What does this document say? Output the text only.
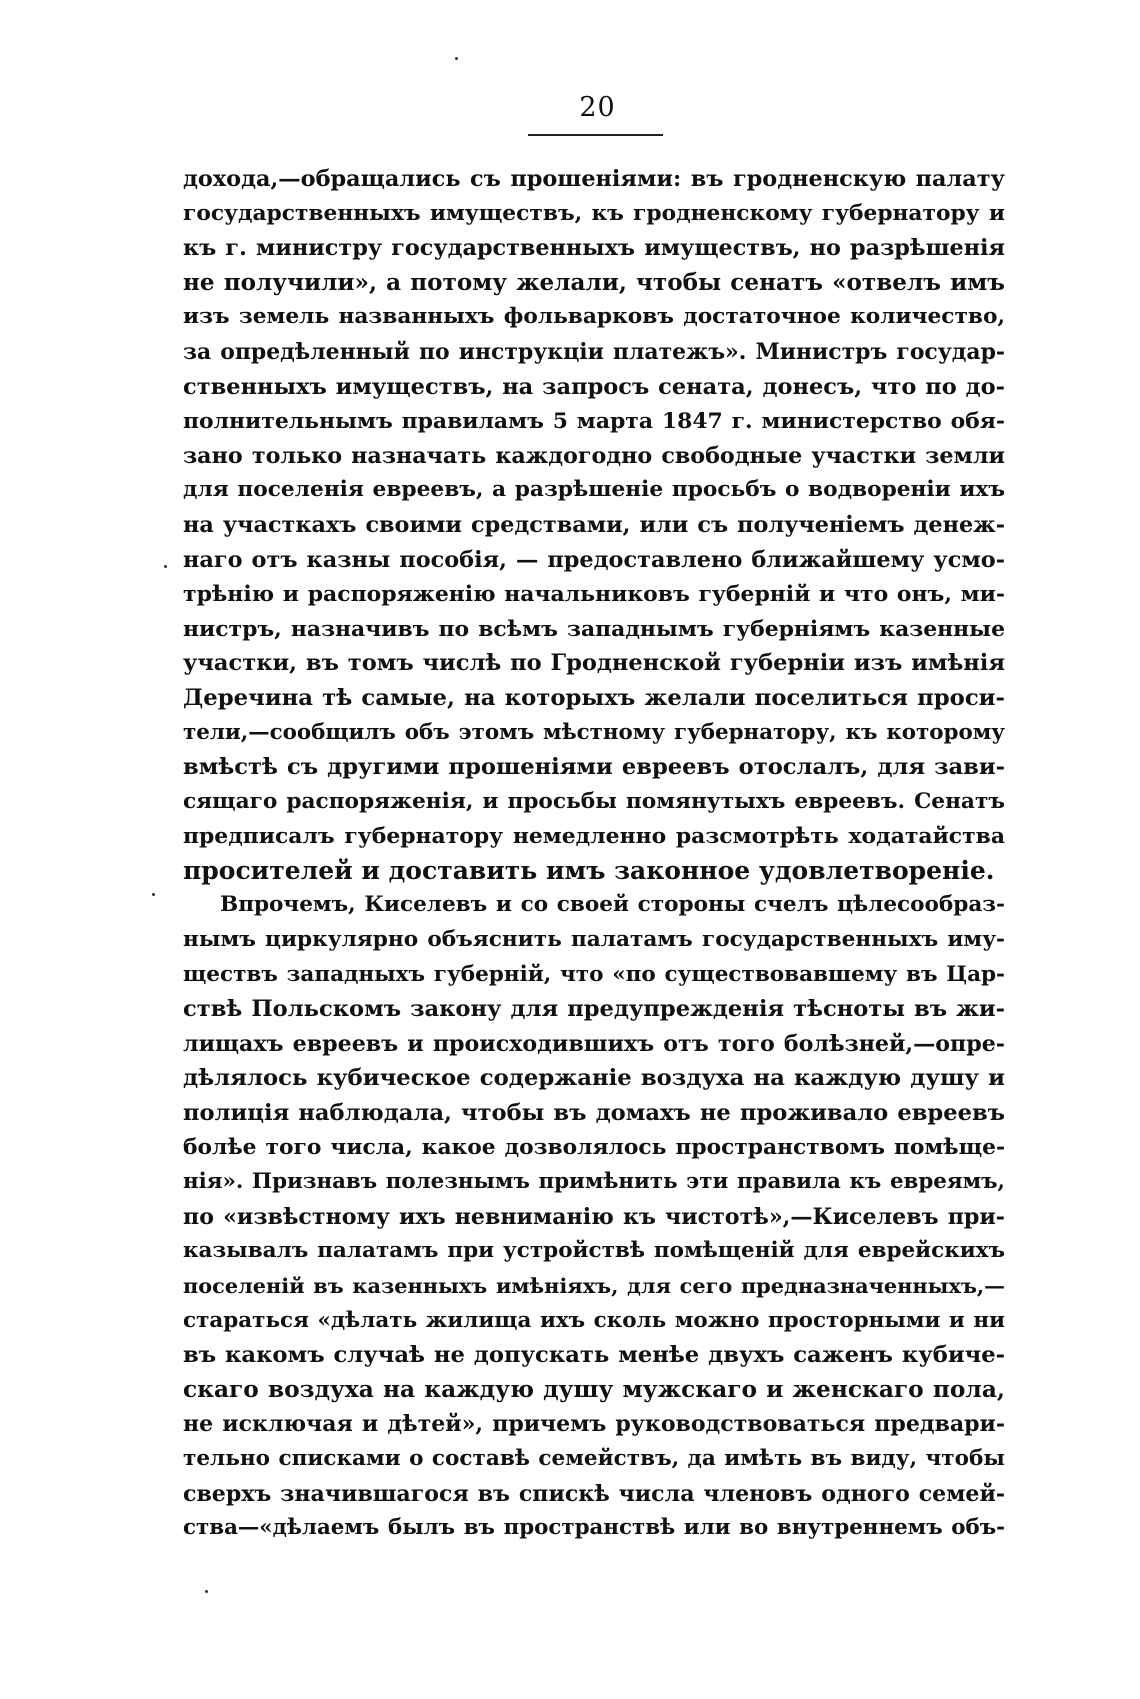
20
дохода,—обращались съ прошеніями: въ гродненскую палату
государственныхъ имуществъ, къ гродненскому губернатору и
къ г. министру государственныхъ имуществъ, но разрѣшенія
не получили», а потому желали, чтобы сенатъ «отвелъ имъ
изъ земель названныхъ фольварковъ достаточное количество,
за опредѣленный по инструкціи платежъ». Министръ государ-
ственныхъ имуществъ, на запросъ сената, донесъ, что по до-
полнительнымъ правиламъ 5 марта 1847 г. министерство обя-
зано только назначать каждогодно свободные участки земли
для поселенія евреевъ, а разрѣшеніе просьбъ о водвореніи ихъ
на участкахъ своими средствами, или съ полученіемъ денеж-
наго отъ казны пособія, — предоставлено ближайшему усмо-
трѣнію и распоряженію начальниковъ губерній и что онъ, ми-
нистръ, назначивъ по всѣмъ западнымъ губерніямъ казенные
участки, въ томъ числѣ по Гродненской губерніи изъ имѣнія
Деречина тѣ самые, на которыхъ желали поселиться проси-
тели,—сообщилъ объ этомъ мѣстному губернатору, къ которому
вмѣстѣ съ другими прошеніями евреевъ отослалъ, для зави-
сящаго распоряженія, и просьбы помянутыхъ евреевъ. Сенатъ
предписалъ губернатору немедленно разсмотрѣть ходатайства
просителей и доставить имъ законное удовлетвореніе.
Впрочемъ, Киселевъ и со своей стороны счелъ цѣлесообраз-
нымъ циркулярно объяснить палатамъ государственныхъ иму-
ществъ западныхъ губерній, что «по существовавшему въ Цар-
ствѣ Польскомъ закону для предупрежденія тѣсноты въ жи-
лищахъ евреевъ и происходившихъ отъ того болѣзней,—опре-
дѣлялось кубическое содержаніе воздуха на каждую душу и
полиція наблюдала, чтобы въ домахъ не проживало евреевъ
болѣе того числа, какое дозволялось пространствомъ помѣще-
нія». Признавъ полезнымъ примѣнить эти правила къ евреямъ,
по «извѣстному ихъ невниманію къ чистотѣ»,—Киселевъ при-
казывалъ палатамъ при устройствѣ помѣщеній для еврейскихъ
поселеній въ казенныхъ имѣніяхъ, для сего предназначенныхъ,—
стараться «дѣлать жилища ихъ сколь можно просторными и ни
въ какомъ случаѣ не допускать менѣе двухъ саженъ кубиче-
скаго воздуха на каждую душу мужскаго и женскаго пола,
не исключая и дѣтей», причемъ руководствоваться предвари-
тельно списками о составѣ семействъ, да имѣть въ виду, чтобы
сверхъ значившагося въ спискѣ числа членовъ одного семей-
ства—«дѣлаемъ былъ въ пространствѣ или во внутреннемъ объ-
